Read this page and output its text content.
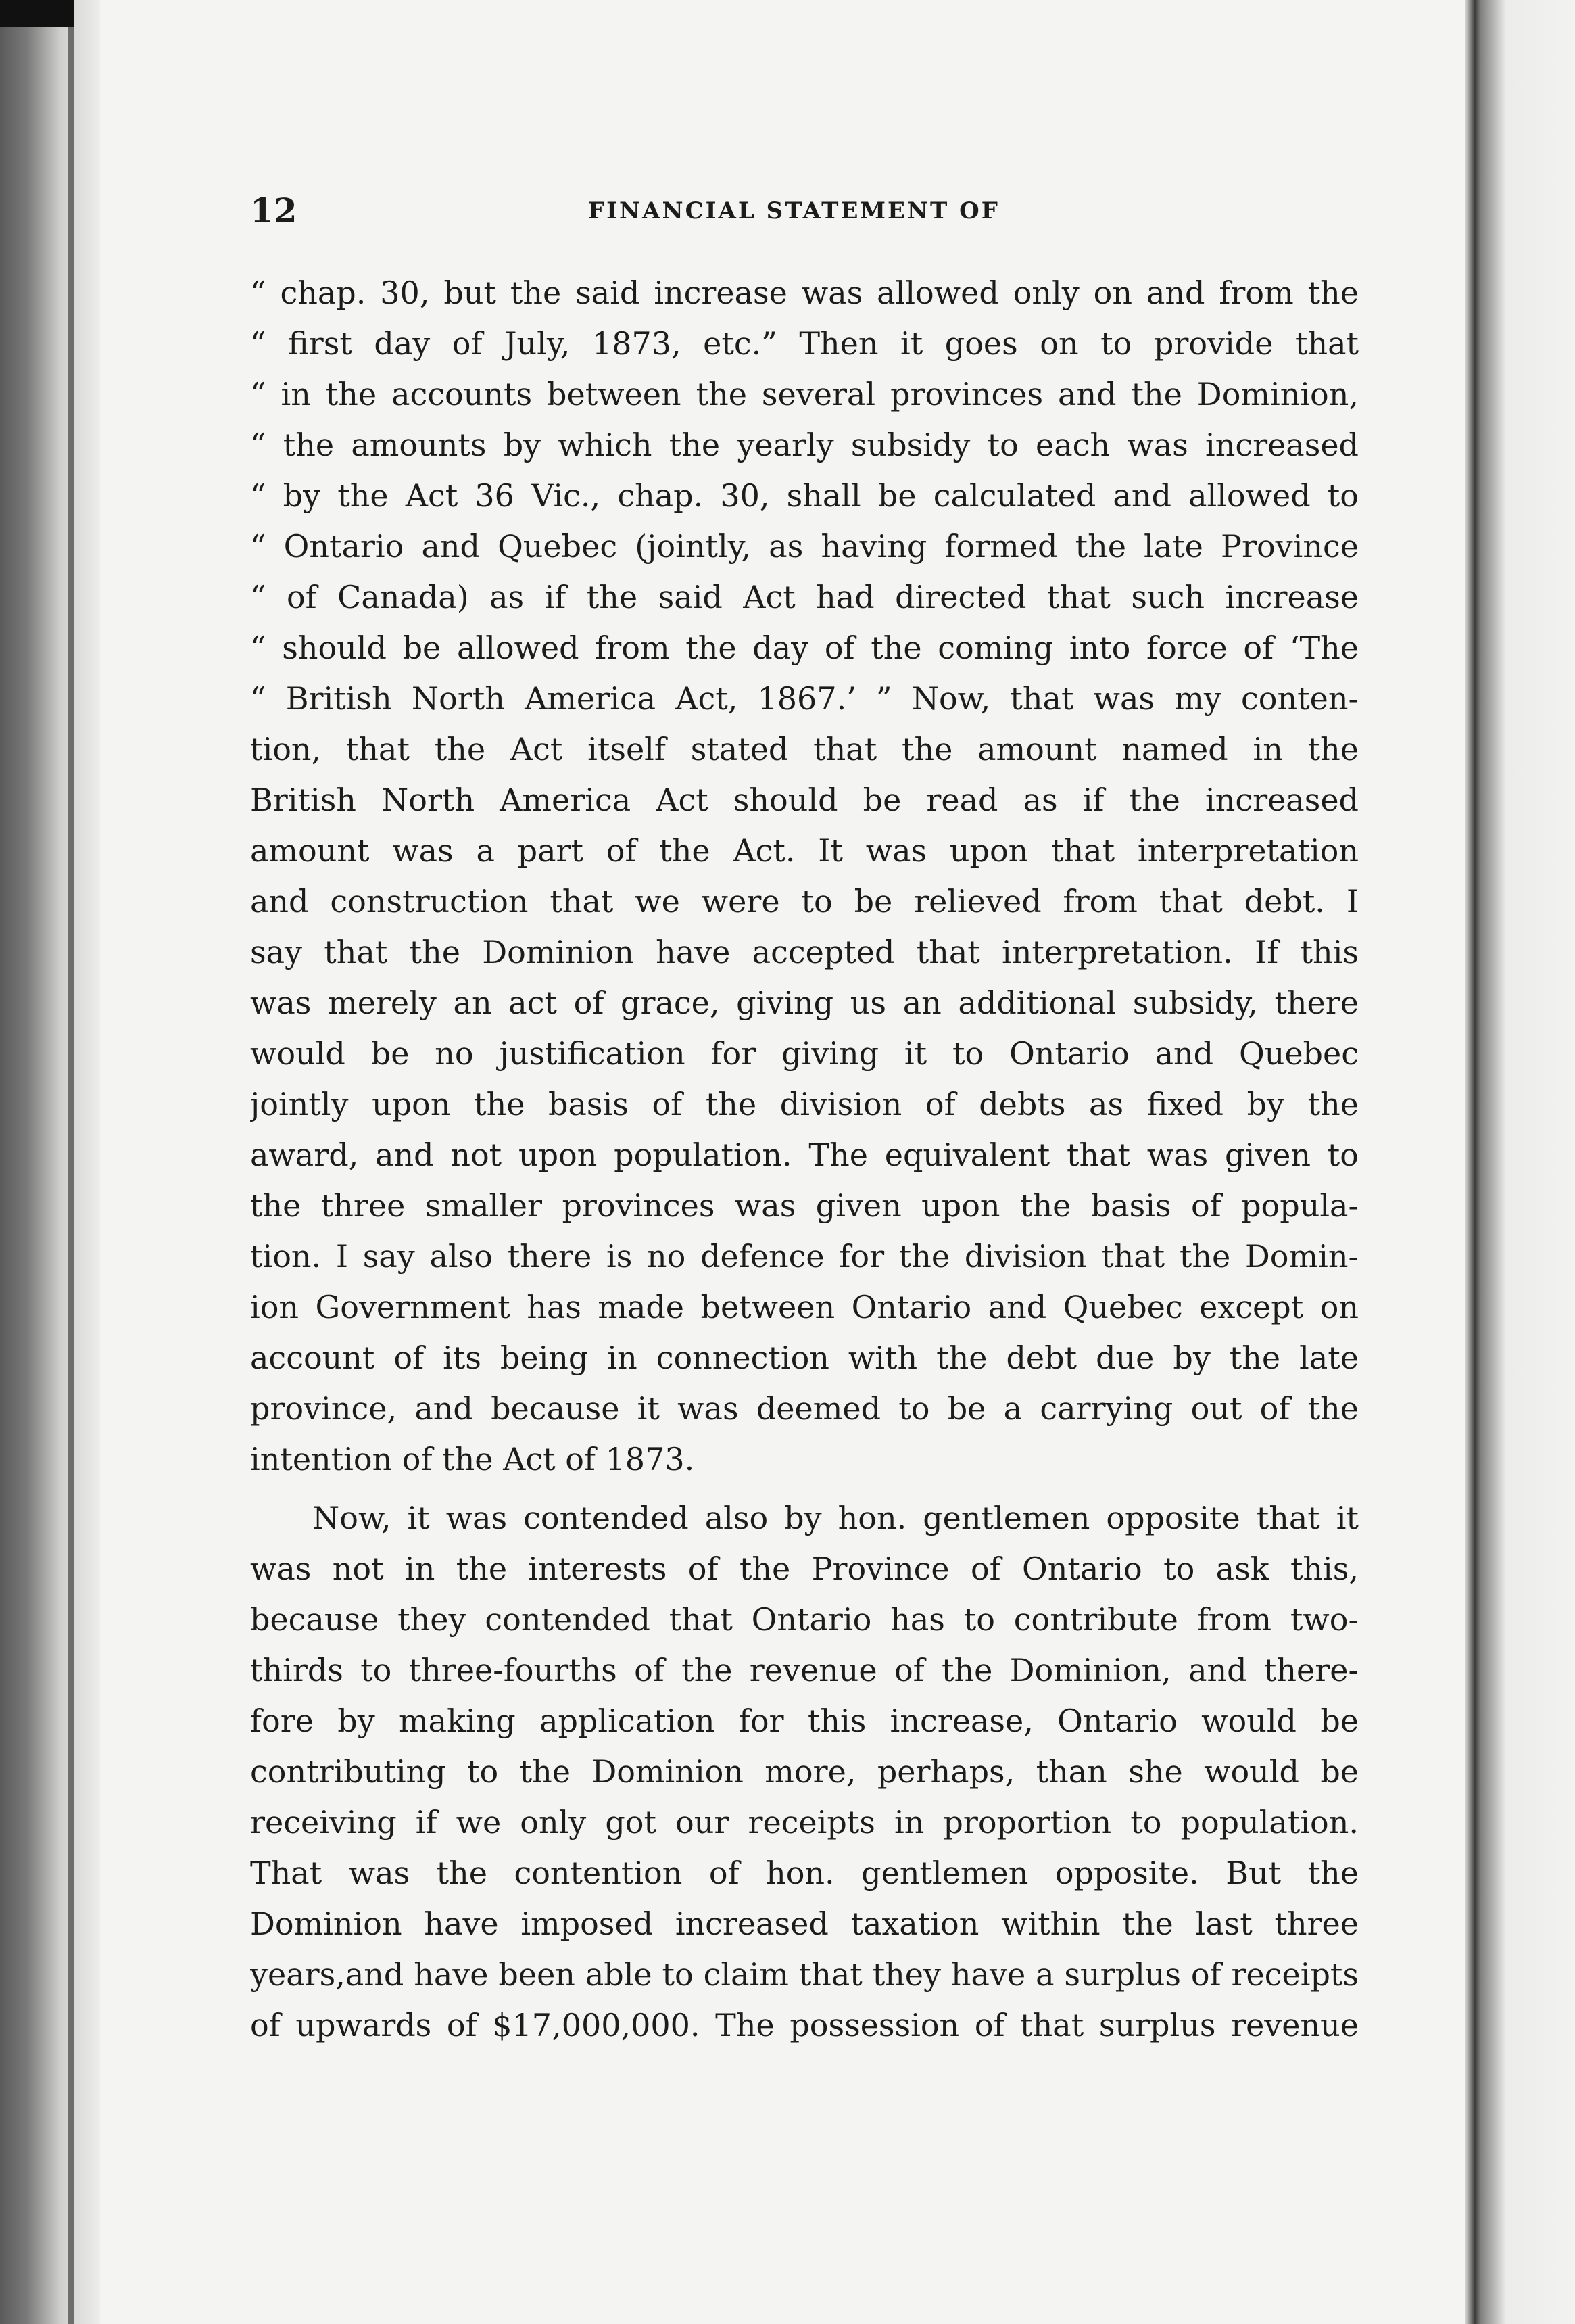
12	FINANCIAL STATEMENT OF
“ chap. 30, but the said increase was allowed only on and from the
“ first day of July, 1873, etc.” Then it goes on to provide that
“ in the accounts between the several provinces and the Dominion,
“ the amounts by which the yearly subsidy to each was increased
“ by the Act 36 Vic., chap. 30, shall be calculated and allowed to
“ Ontario and Quebec (jointly, as having formed the late Province
“ of Canada) as if the said Act had directed that such increase
“ should be allowed from the day of the coming into force of ‘The
“ British North America Act, 1867.’ ” Now, that was my conten-
tion, that the Act itself stated that the amount named in the
British North America Act should be read as if the increased
amount was a part of the Act. It was upon that interpretation
and construction that we were to be relieved from that debt. I
say that the Dominion have accepted that interpretation. If this
was merely an act of grace, giving us an additional subsidy, there
would be no justification for giving it to Ontario and Quebec
jointly upon the basis of the division of debts as fixed by the
award, and not upon population. The equivalent that was given to
the three smaller provinces was given upon the basis of popula-
tion. I say also there is no defence for the division that the Domin-
ion Government has made between Ontario and Quebec except on
account of its being in connection with the debt due by the late
province, and because it was deemed to be a carrying out of the
intention of the Act of 1873.
Now, it was contended also by hon. gentlemen opposite that it
was not in the interests of the Province of Ontario to ask this,
because they contended that Ontario has to contribute from two-
thirds to three-fourths of the revenue of the Dominion, and there-
fore by making application for this increase, Ontario would be
contributing to the Dominion more, perhaps, than she would be
receiving if we only got our receipts in proportion to population.
That was the contention of hon. gentlemen opposite. But the
Dominion have imposed increased taxation within the last three
years,and have been able to claim that they have a surplus of receipts
of upwards of $17,000,000. The possession of that surplus revenue
